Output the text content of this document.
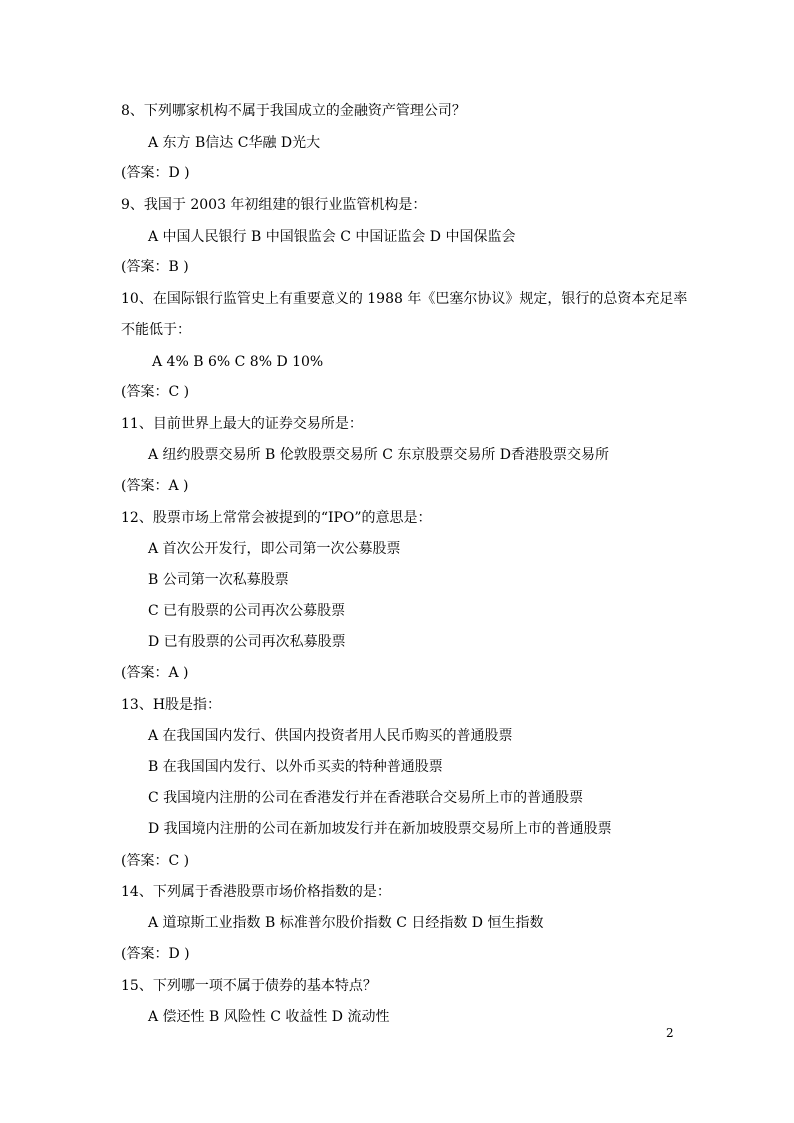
8、下列哪家机构不属于我国成立的金融资产管理公司？
A 东方 B信达 C华融 D光大
(答案：D )
9、我国于 2003 年初组建的银行业监管机构是：
A 中国人民银行 B 中国银监会 C 中国证监会 D 中国保监会
(答案：B )
10、在国际银行监管史上有重要意义的 1988 年《巴塞尔协议》规定，银行的总资本充足率
不能低于：
A 4% B 6% C 8% D 10%
(答案：C )
11、目前世界上最大的证券交易所是：
A 纽约股票交易所 B 伦敦股票交易所 C 东京股票交易所 D香港股票交易所
(答案：A )
12、股票市场上常常会被提到的“IPO”的意思是：
A 首次公开发行，即公司第一次公募股票
B 公司第一次私募股票
C 已有股票的公司再次公募股票
D 已有股票的公司再次私募股票
(答案：A )
13、H股是指：
A 在我国国内发行、供国内投资者用人民币购买的普通股票
B 在我国国内发行、以外币买卖的特种普通股票
C 我国境内注册的公司在香港发行并在香港联合交易所上市的普通股票
D 我国境内注册的公司在新加坡发行并在新加坡股票交易所上市的普通股票
(答案：C )
14、下列属于香港股票市场价格指数的是：
A 道琼斯工业指数 B 标准普尔股价指数 C 日经指数 D 恒生指数
(答案：D )
15、下列哪一项不属于债券的基本特点？
A 偿还性 B 风险性 C 收益性 D 流动性
2
